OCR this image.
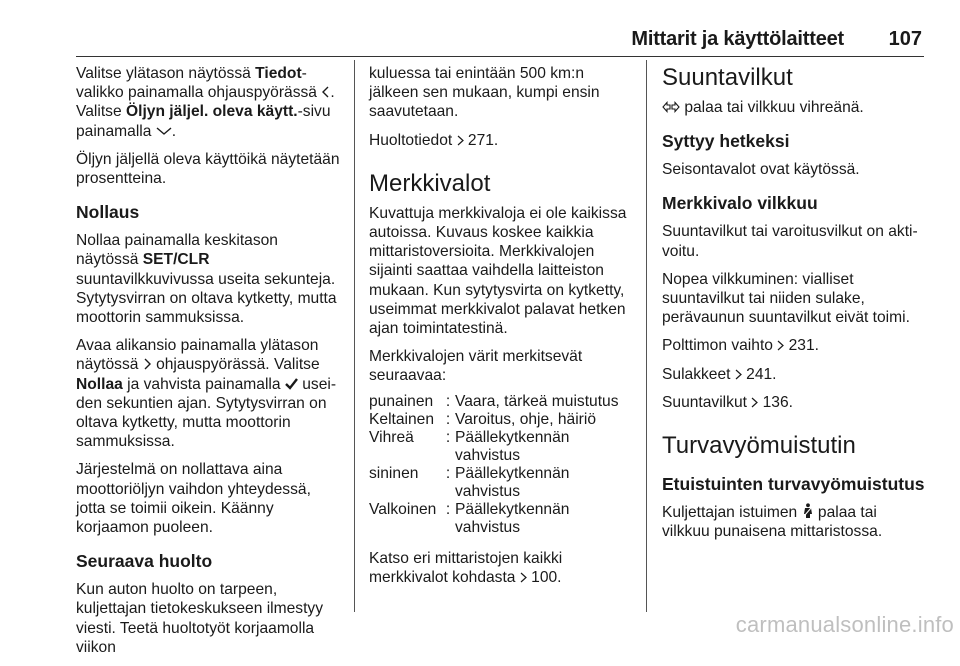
Mittarit ja käyttölaitteet 107

Valitse ylätason näytössä Tiedot-valikko painamalla ohjauspyörässä . Valitse Öljyn jäljel. oleva käytt.-sivu painamalla .

Öljyn jäljellä oleva käyttöikä näytetään prosentteina.

Nollaus

Nollaa painamalla keskitason näytössä SET/CLR suuntavilkkuvivussa useita sekunteja. Sytytysvirran on oltava kytketty, mutta moottorin sammuksissa.

Avaa alikansio painamalla ylätason näytössä  ohjauspyörässä. Valitse Nollaa ja vahvista painamalla  usei-den sekuntien ajan. Sytytysvirran on oltava kytketty, mutta moottorin sammuksissa.

Järjestelmä on nollattava aina moottoriöljyn vaihdon yhteydessä, jotta se toimii oikein. Käänny korjaamon puoleen.

Seuraava huolto

Kun auton huolto on tarpeen, kuljettajan tietokeskukseen ilmestyy viesti. Teetä huoltotyöt korjaamolla viikon

kuluessa tai enintään 500 km:n jälkeen sen mukaan, kumpi ensin saavutetaan.

Huoltotiedot  271.

Merkkivalot

Kuvattuja merkkivaloja ei ole kaikissa autoissa. Kuvaus koskee kaikkia mittaristoversioita. Merkkivalojen sijainti saattaa vaihdella laitteiston mukaan. Kun sytytysvirta on kytketty, useimmat merkkivalot palavat hetken ajan toimintatestinä.

Merkkivalojen värit merkitsevät seuraavaa:

punainen	:	Vaara, tärkeä muistutus
Keltainen	:	Varoitus, ohje, häiriö
Vihreä	:	Päällekytkennän vahvistus
sininen	:	Päällekytkennän vahvistus
Valkoinen	:	Päällekytkennän vahvistus

Katso eri mittaristojen kaikki merkkivalot kohdasta  100.

Suuntavilkut

palaa tai vilkkuu vihreänä.

Syttyy hetkeksi

Seisontavalot ovat käytössä.

Merkkivalo vilkkuu

Suuntavilkut tai varoitusvilkut on akti-voitu.

Nopea vilkkuminen: vialliset suuntavilkut tai niiden sulake, perävaunun suuntavilkut eivät toimi.

Polttimon vaihto  231.

Sulakkeet  241.

Suuntavilkut  136.

Turvavyömuistutin
Etuistuinten turvavyömuistutus

Kuljettajan istuimen  palaa tai vilkkuu punaisena mittaristossa.

carmanualsonline.info
